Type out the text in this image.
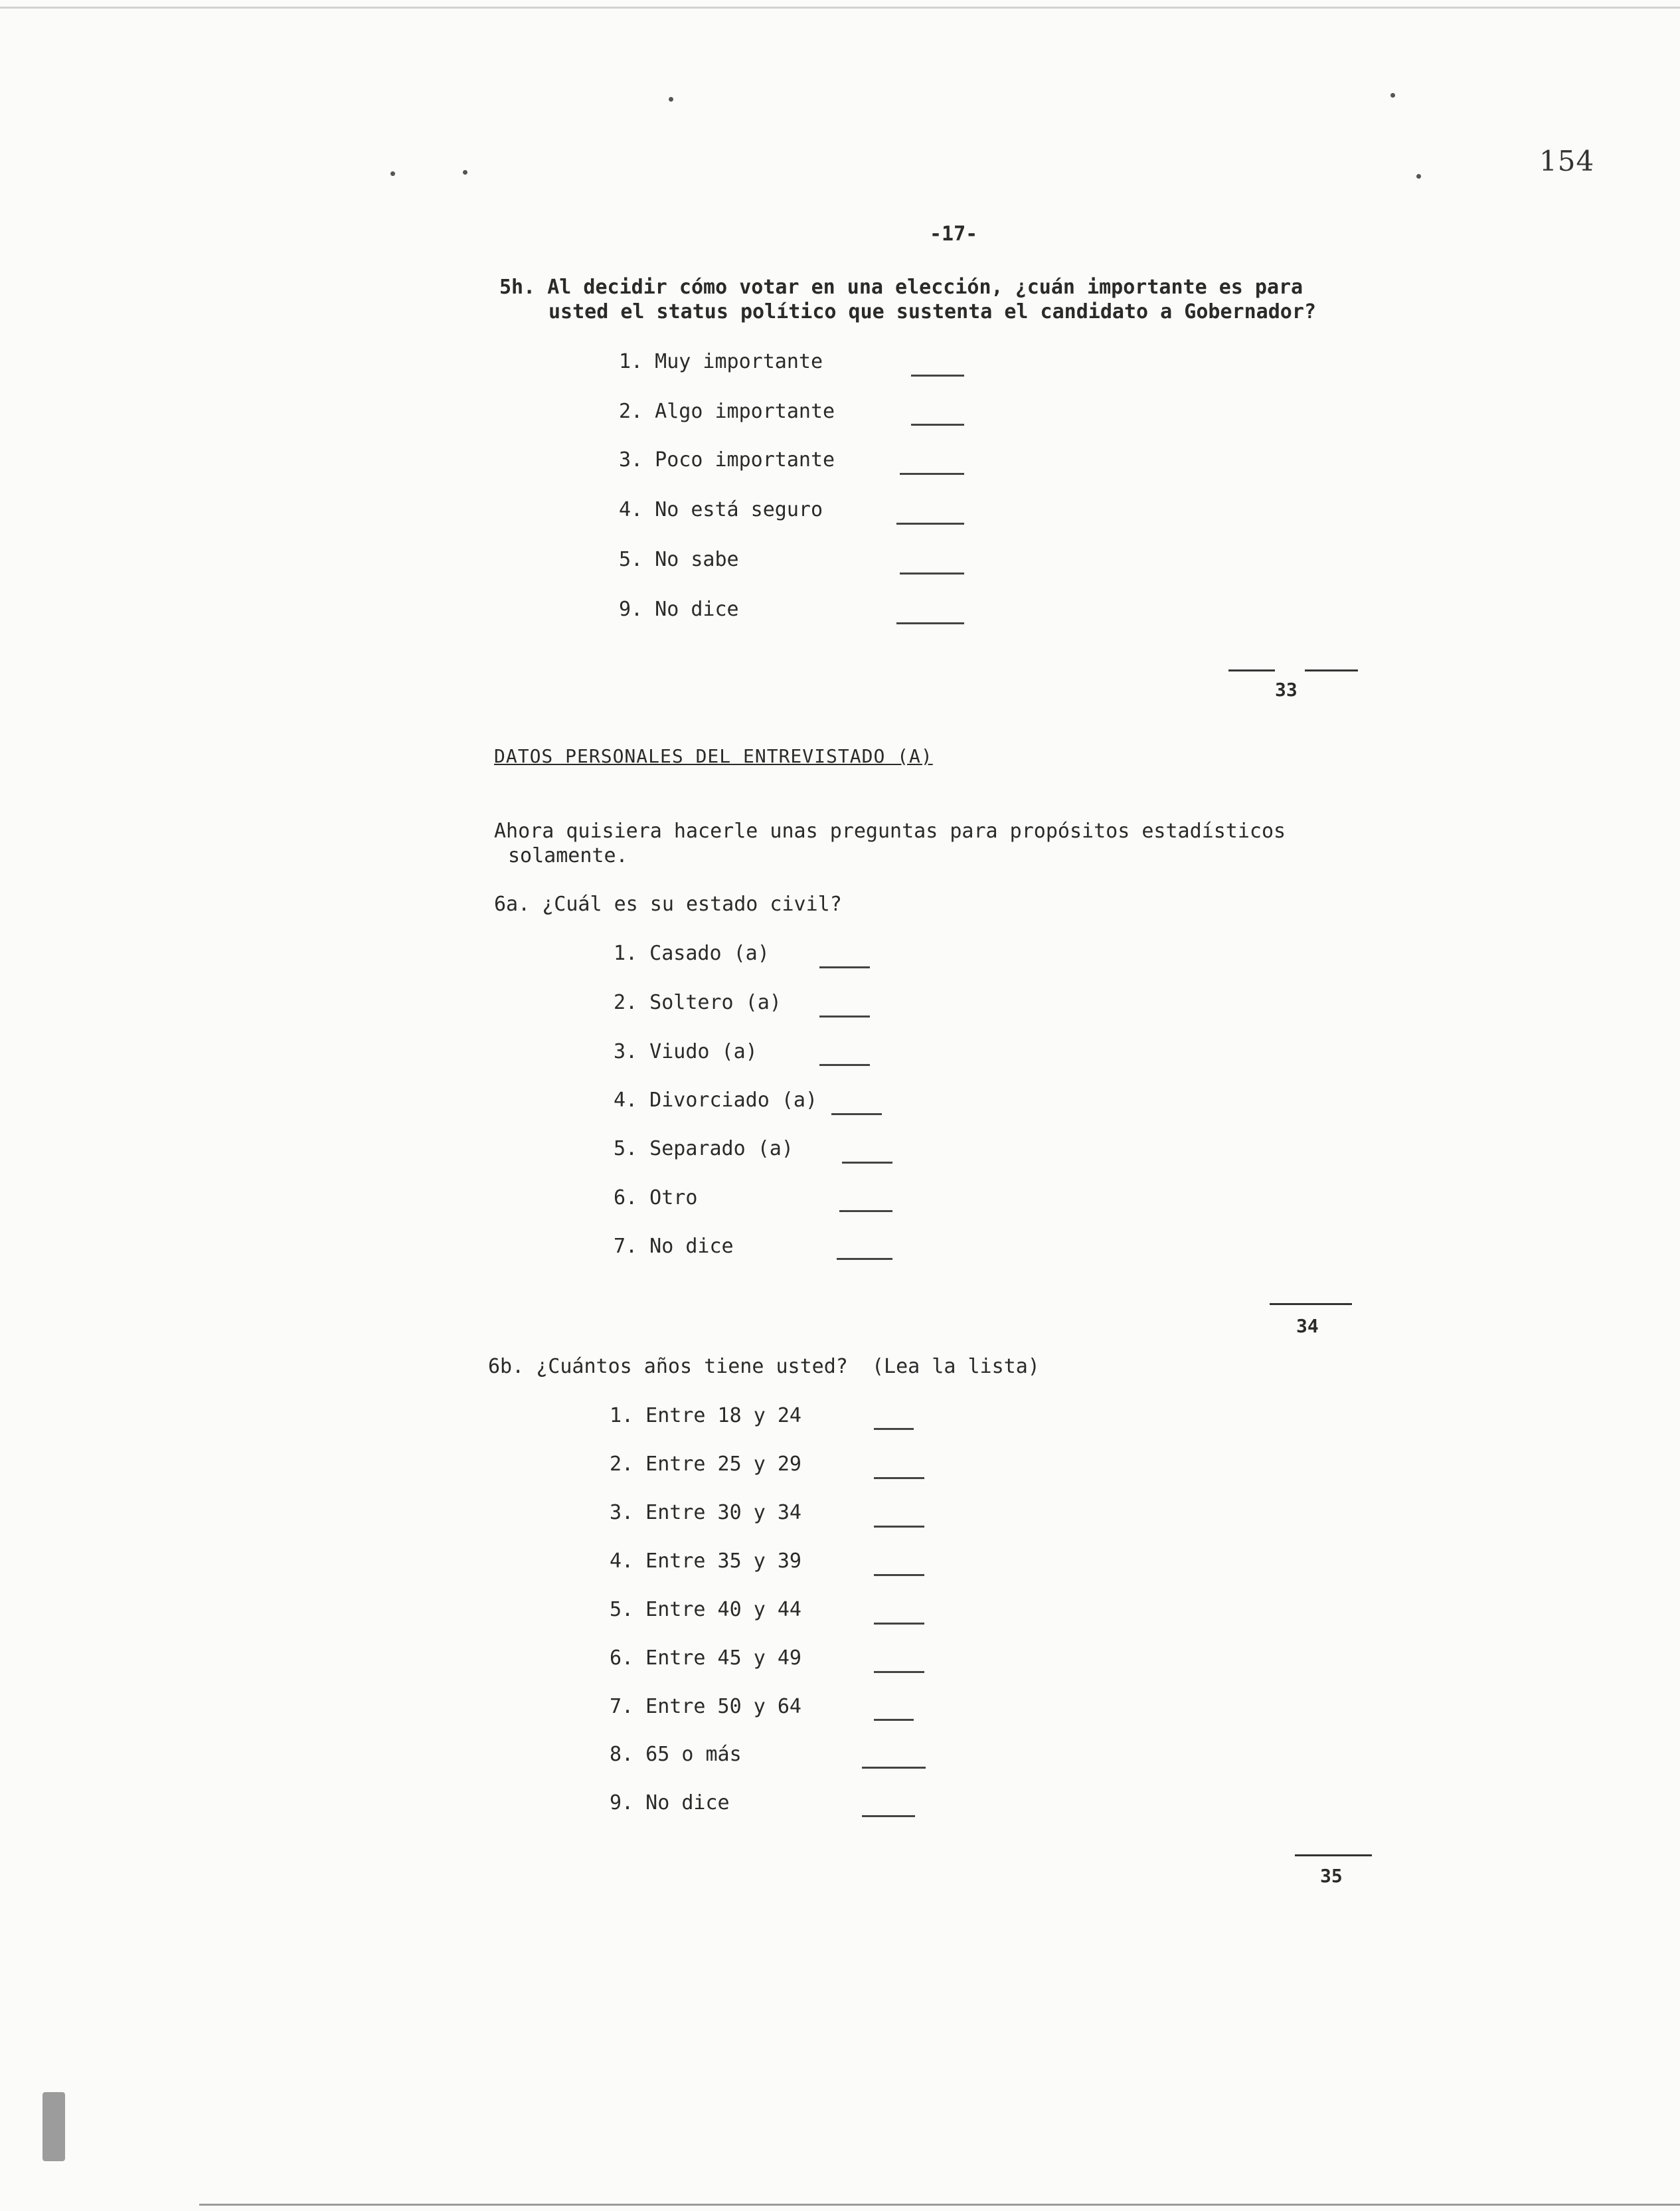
154
-17-
5h. Al decidir cómo votar en una elección, ¿cuán importante es para
usted el status político que sustenta el candidato a Gobernador?
1. Muy importante
2. Algo importante
3. Poco importante
4. No está seguro
5. No sabe
9. No dice
33
DATOS PERSONALES DEL ENTREVISTADO (A)
Ahora quisiera hacerle unas preguntas para propósitos estadísticos
solamente.
6a. ¿Cuál es su estado civil?
1. Casado (a)
2. Soltero (a)
3. Viudo (a)
4. Divorciado (a)
5. Separado (a)
6. Otro
7. No dice
34
6b. ¿Cuántos años tiene usted?  (Lea la lista)
1. Entre 18 y 24
2. Entre 25 y 29
3. Entre 30 y 34
4. Entre 35 y 39
5. Entre 40 y 44
6. Entre 45 y 49
7. Entre 50 y 64
8. 65 o más
9. No dice
35
